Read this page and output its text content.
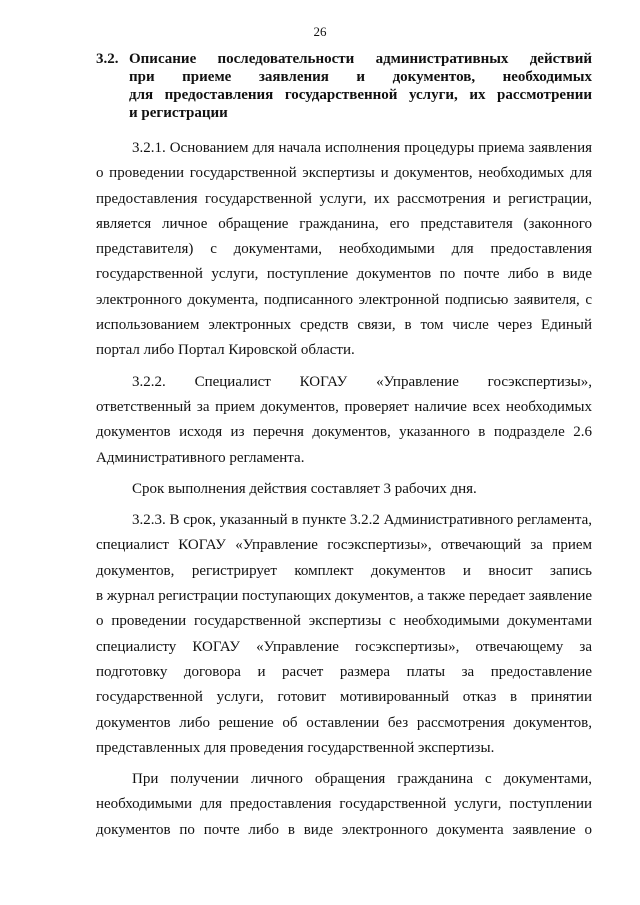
26
3.2. Описание последовательности административных действий
при приеме заявления и документов, необходимых
для предоставления государственной услуги, их рассмотрении
и регистрации
3.2.1. Основанием для начала исполнения процедуры приема заявления
о проведении государственной экспертизы и документов, необходимых для
предоставления государственной услуги, их рассмотрения и регистрации,
является личное обращение гражданина, его представителя (законного
представителя) с документами, необходимыми для предоставления
государственной услуги, поступление документов по почте либо в виде
электронного документа, подписанного электронной подписью заявителя, с
использованием электронных средств связи, в том числе через Единый
портал либо Портал Кировской области.
3.2.2. Специалист КОГАУ «Управление госэкспертизы»,
ответственный за прием документов, проверяет наличие всех необходимых
документов исходя из перечня документов, указанного в подразделе 2.6
Административного регламента.
Срок выполнения действия составляет 3 рабочих дня.
3.2.3. В срок, указанный в пункте 3.2.2 Административного регламента,
специалист КОГАУ «Управление госэкспертизы», отвечающий за прием
документов, регистрирует комплект документов и вносит запись
в журнал регистрации поступающих документов, а также передает заявление
о проведении государственной экспертизы с необходимыми документами
специалисту КОГАУ «Управление госэкспертизы», отвечающему за
подготовку договора и расчет размера платы за предоставление
государственной услуги, готовит мотивированный отказ в принятии
документов либо решение об оставлении без рассмотрения документов,
представленных для проведения государственной экспертизы.
При получении личного обращения гражданина с документами,
необходимыми для предоставления государственной услуги, поступлении
документов по почте либо в виде электронного документа заявление о
